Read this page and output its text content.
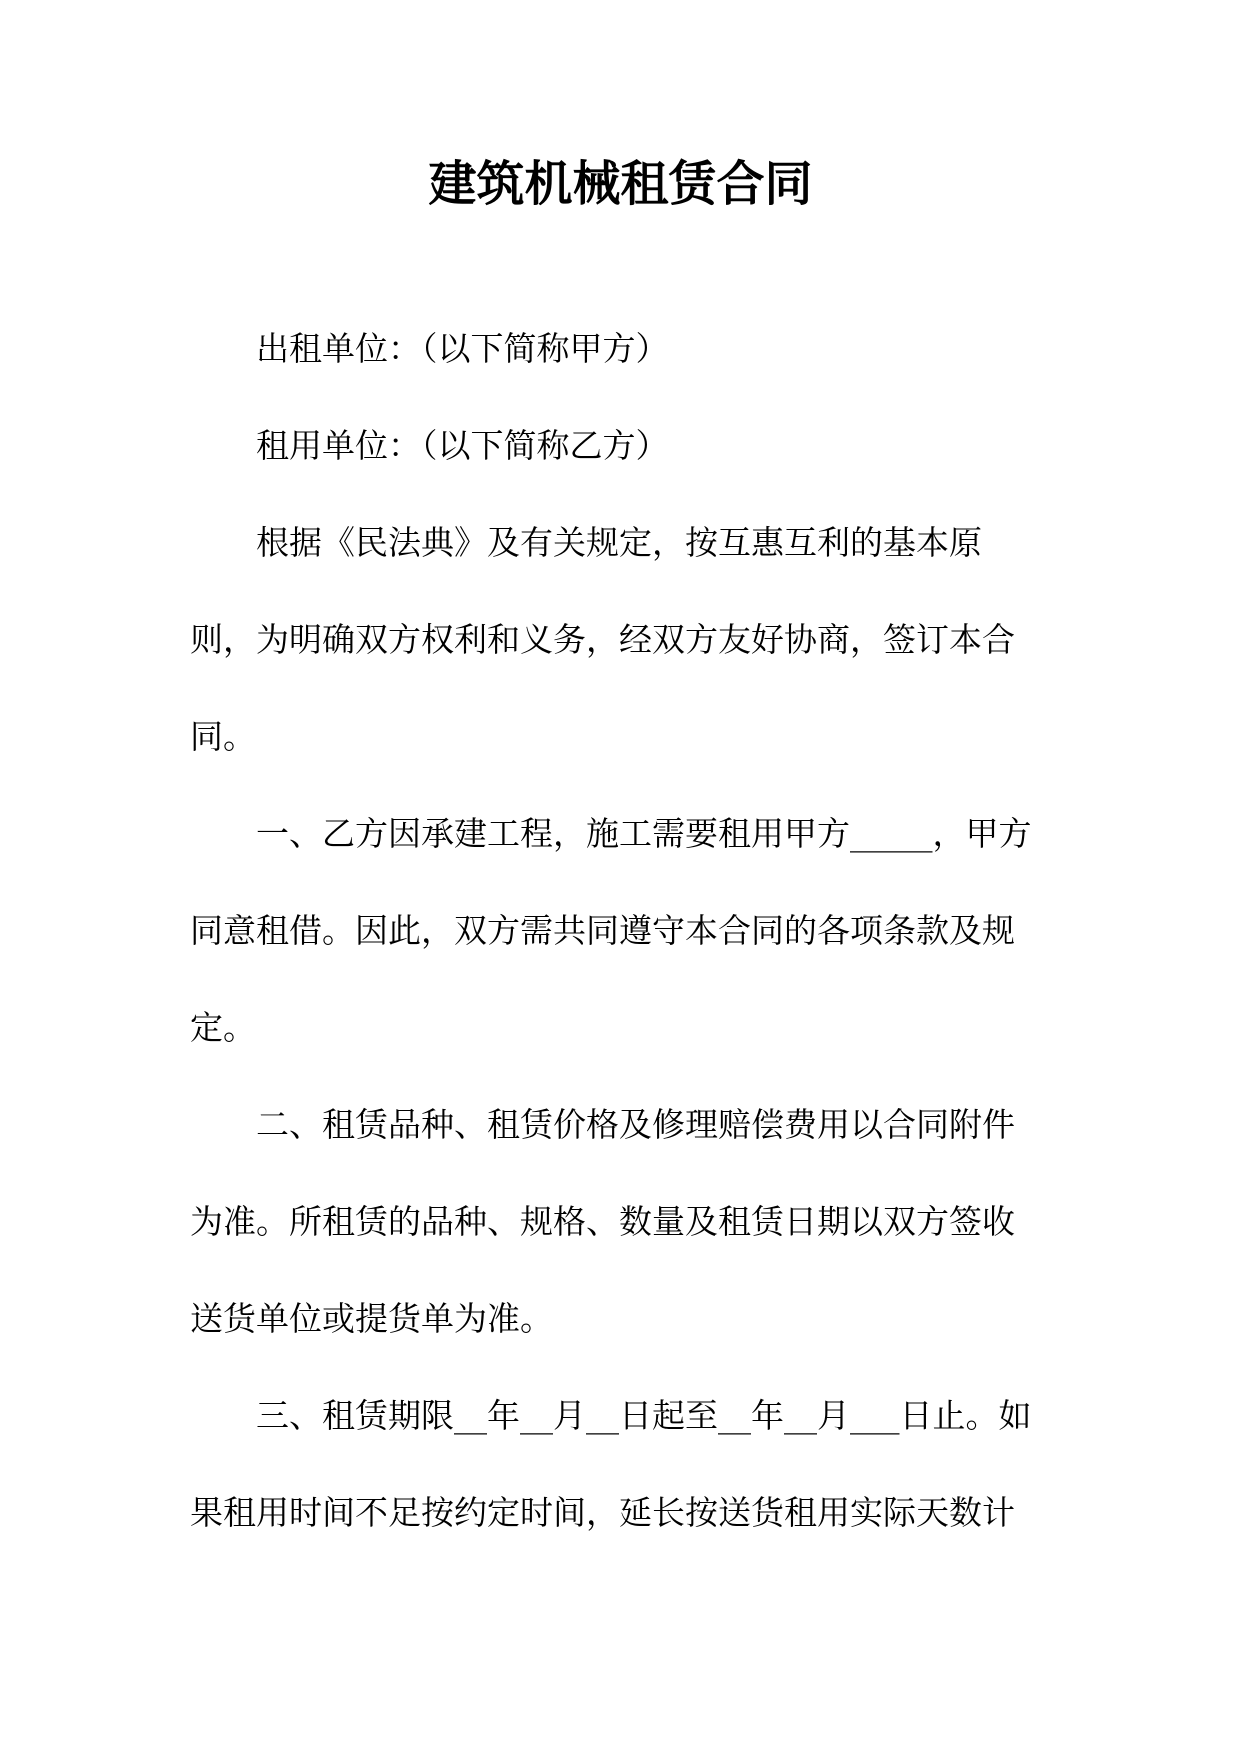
建筑机械租赁合同
出租单位：（以下简称甲方）
租用单位：（以下简称乙方）
根据《民法典》及有关规定，按互惠互利的基本原
则，为明确双方权利和义务，经双方友好协商，签订本合
同。
一、乙方因承建工程，施工需要租用甲方_____，甲方
同意租借。因此，双方需共同遵守本合同的各项条款及规
定。
二、租赁品种、租赁价格及修理赔偿费用以合同附件
为准。所租赁的品种、规格、数量及租赁日期以双方签收
送货单位或提货单为准。
三、租赁期限__年__月__日起至__年__月___日止。如
果租用时间不足按约定时间，延长按送货租用实际天数计
